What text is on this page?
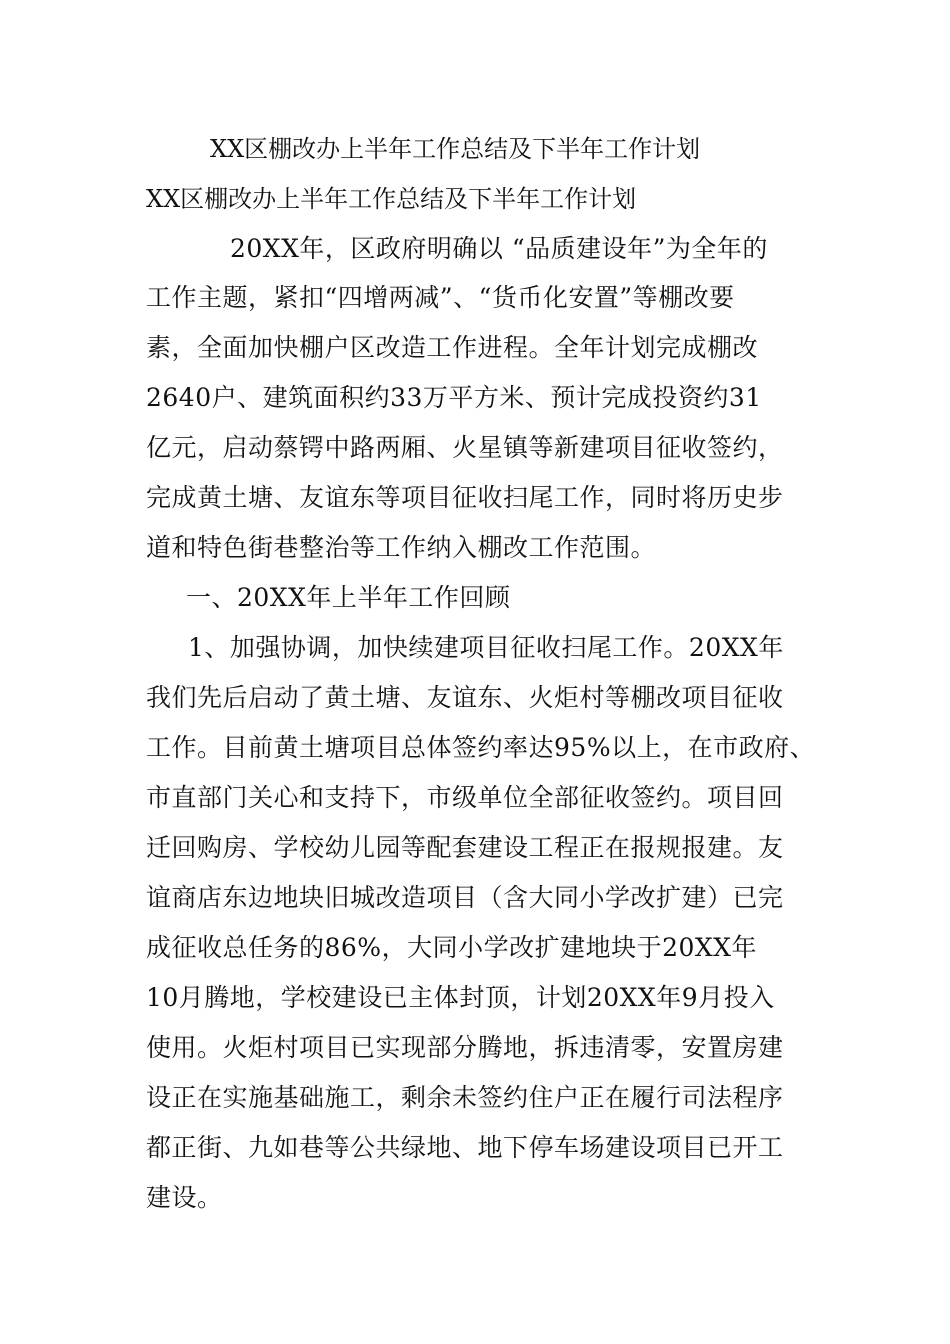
XX区棚改办上半年工作总结及下半年工作计划
XX区棚改办上半年工作总结及下半年工作计划
20XX年，区政府明确以 “品质建设年”为全年的
工作主题，紧扣“四增两减”、“货币化安置”等棚改要
素，全面加快棚户区改造工作进程。全年计划完成棚改
2640户、建筑面积约33万平方米、预计完成投资约31
亿元，启动蔡锷中路两厢、火星镇等新建项目征收签约，
完成黄土塘、友谊东等项目征收扫尾工作，同时将历史步
道和特色街巷整治等工作纳入棚改工作范围。
一、20XX年上半年工作回顾
1、加强协调，加快续建项目征收扫尾工作。20XX年
我们先后启动了黄土塘、友谊东、火炬村等棚改项目征收
工作。目前黄土塘项目总体签约率达95%以上，在市政府、
市直部门关心和支持下，市级单位全部征收签约。项目回
迁回购房、学校幼儿园等配套建设工程正在报规报建。友
谊商店东边地块旧城改造项目（含大同小学改扩建）已完
成征收总任务的86%，大同小学改扩建地块于20XX年
10月腾地，学校建设已主体封顶，计划20XX年9月投入
使用。火炬村项目已实现部分腾地，拆违清零，安置房建
设正在实施基础施工，剩余未签约住户正在履行司法程序
都正街、九如巷等公共绿地、地下停车场建设项目已开工
建设。
